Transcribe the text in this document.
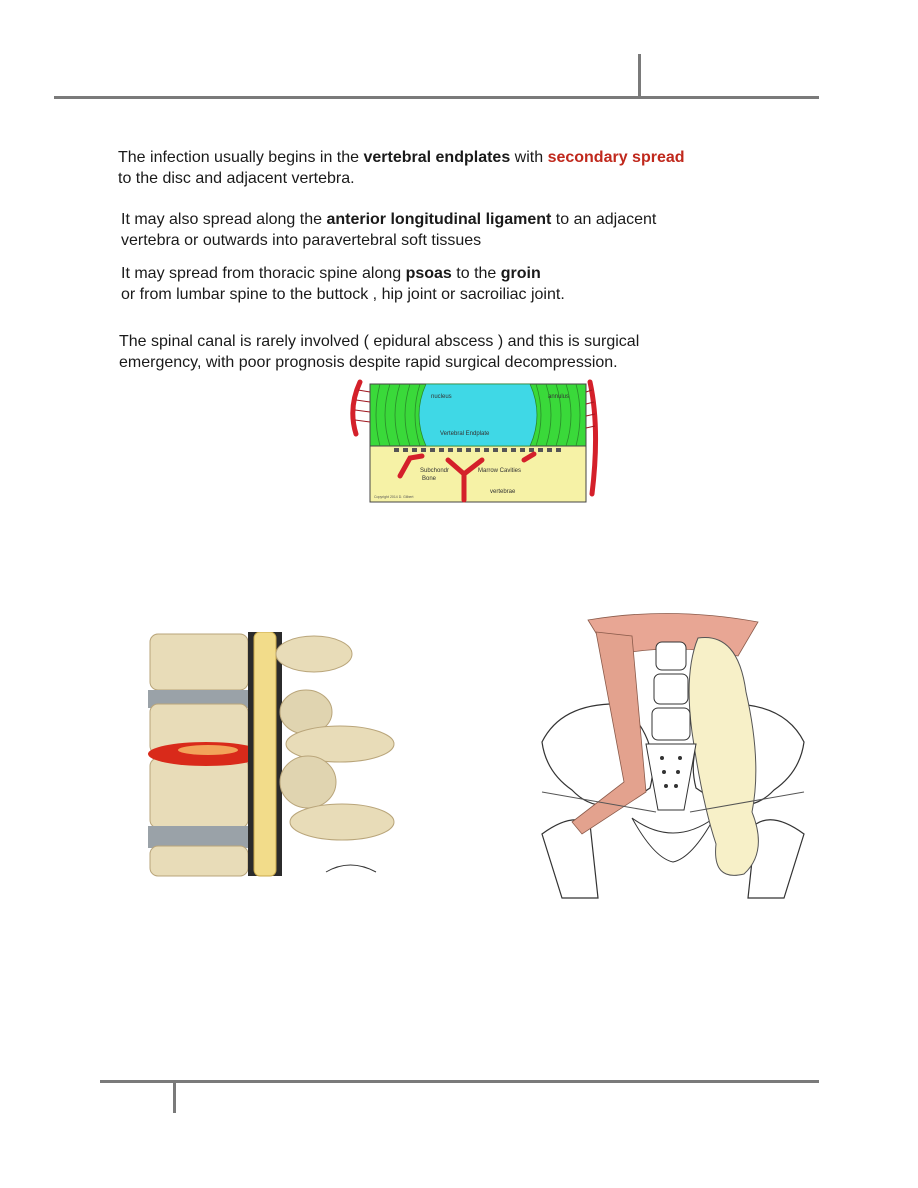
The infection usually begins in the vertebral endplates with secondary spread
to the disc and adjacent vertebra.
It may also spread along the anterior longitudinal ligament to an adjacent
vertebra or outwards into paravertebral soft tissues
It may spread from thoracic spine along psoas to the groin
or from lumbar spine to the buttock , hip joint or sacroiliac joint.
The spinal canal is rarely involved ( epidural abscess ) and this is surgical
emergency, with poor prognosis despite rapid surgical decompression.
nucleus	annulus
Vertebral Endplate
Subchondr
Bone
Marrow Cavities
vertebrae
Copyright 2014 D. Gilbert
